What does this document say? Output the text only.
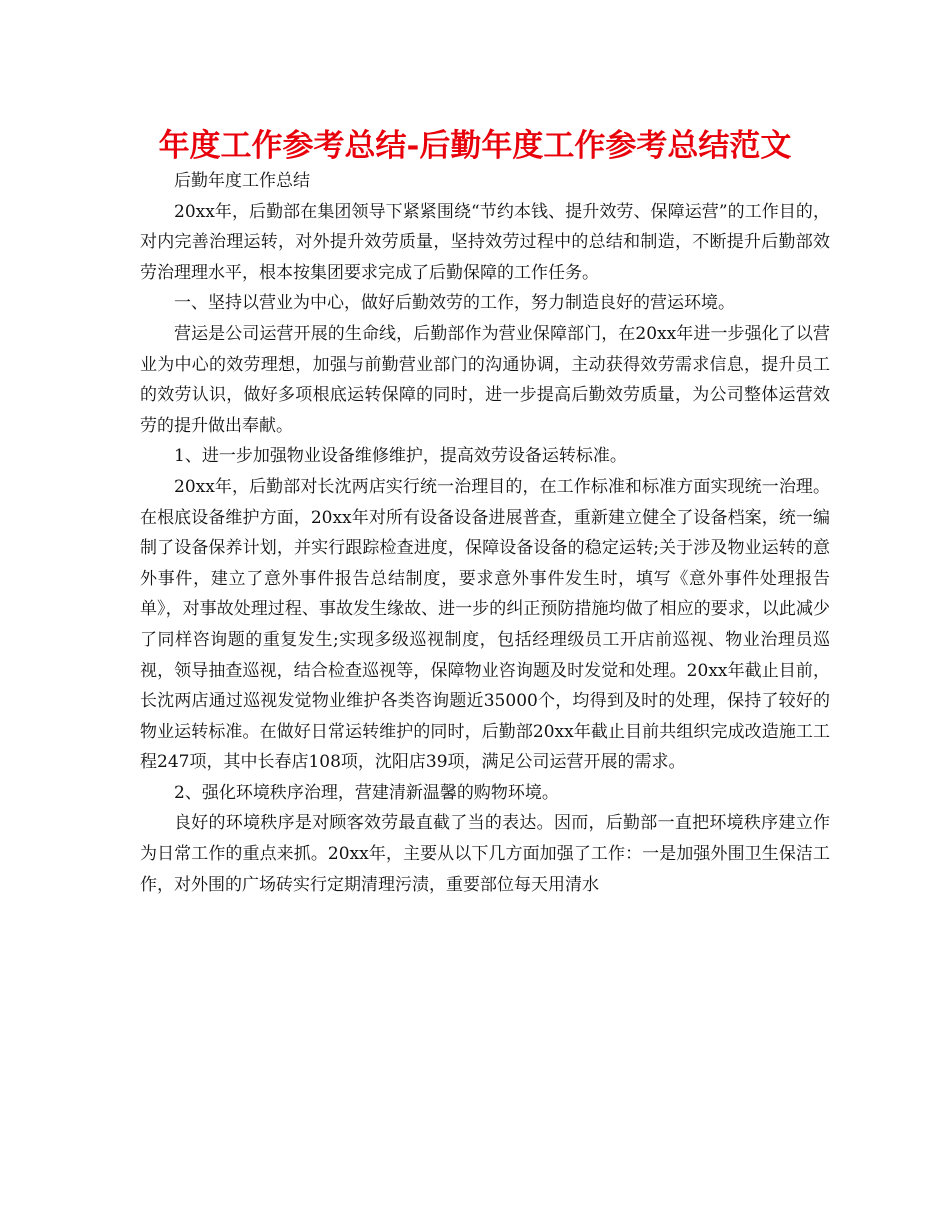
年度工作参考总结-后勤年度工作参考总结范文

后勤年度工作总结

20xx年，后勤部在集团领导下紧紧围绕“节约本钱、提升效劳、保障运营”的工作目的，对内完善治理运转，对外提升效劳质量，坚持效劳过程中的总结和制造，不断提升后勤部效劳治理理水平，根本按集团要求完成了后勤保障的工作任务。

一、坚持以营业为中心，做好后勤效劳的工作，努力制造良好的营运环境。

营运是公司运营开展的生命线，后勤部作为营业保障部门，在20xx年进一步强化了以营业为中心的效劳理想，加强与前勤营业部门的沟通协调，主动获得效劳需求信息，提升员工的效劳认识，做好多项根底运转保障的同时，进一步提高后勤效劳质量，为公司整体运营效劳的提升做出奉献。

1、进一步加强物业设备维修维护，提高效劳设备运转标准。

20xx年，后勤部对长沈两店实行统一治理目的，在工作标准和标准方面实现统一治理。在根底设备维护方面，20xx年对所有设备设备进展普查，重新建立健全了设备档案，统一编制了设备保养计划，并实行跟踪检查进度，保障设备设备的稳定运转;关于涉及物业运转的意外事件，建立了意外事件报告总结制度，要求意外事件发生时，填写《意外事件处理报告单》，对事故处理过程、事故发生缘故、进一步的纠正预防措施均做了相应的要求，以此减少了同样咨询题的重复发生;实现多级巡视制度，包括经理级员工开店前巡视、物业治理员巡视，领导抽查巡视，结合检查巡视等，保障物业咨询题及时发觉和处理。20xx年截止目前，长沈两店通过巡视发觉物业维护各类咨询题近35000个，均得到及时的处理，保持了较好的物业运转标准。在做好日常运转维护的同时，后勤部20xx年截止目前共组织完成改造施工工程247项，其中长春店108项，沈阳店39项，满足公司运营开展的需求。

2、强化环境秩序治理，营建清新温馨的购物环境。

良好的环境秩序是对顾客效劳最直截了当的表达。因而，后勤部一直把环境秩序建立作为日常工作的重点来抓。20xx年，主要从以下几方面加强了工作：一是加强外围卫生保洁工作，对外围的广场砖实行定期清理污渍，重要部位每天用清水
